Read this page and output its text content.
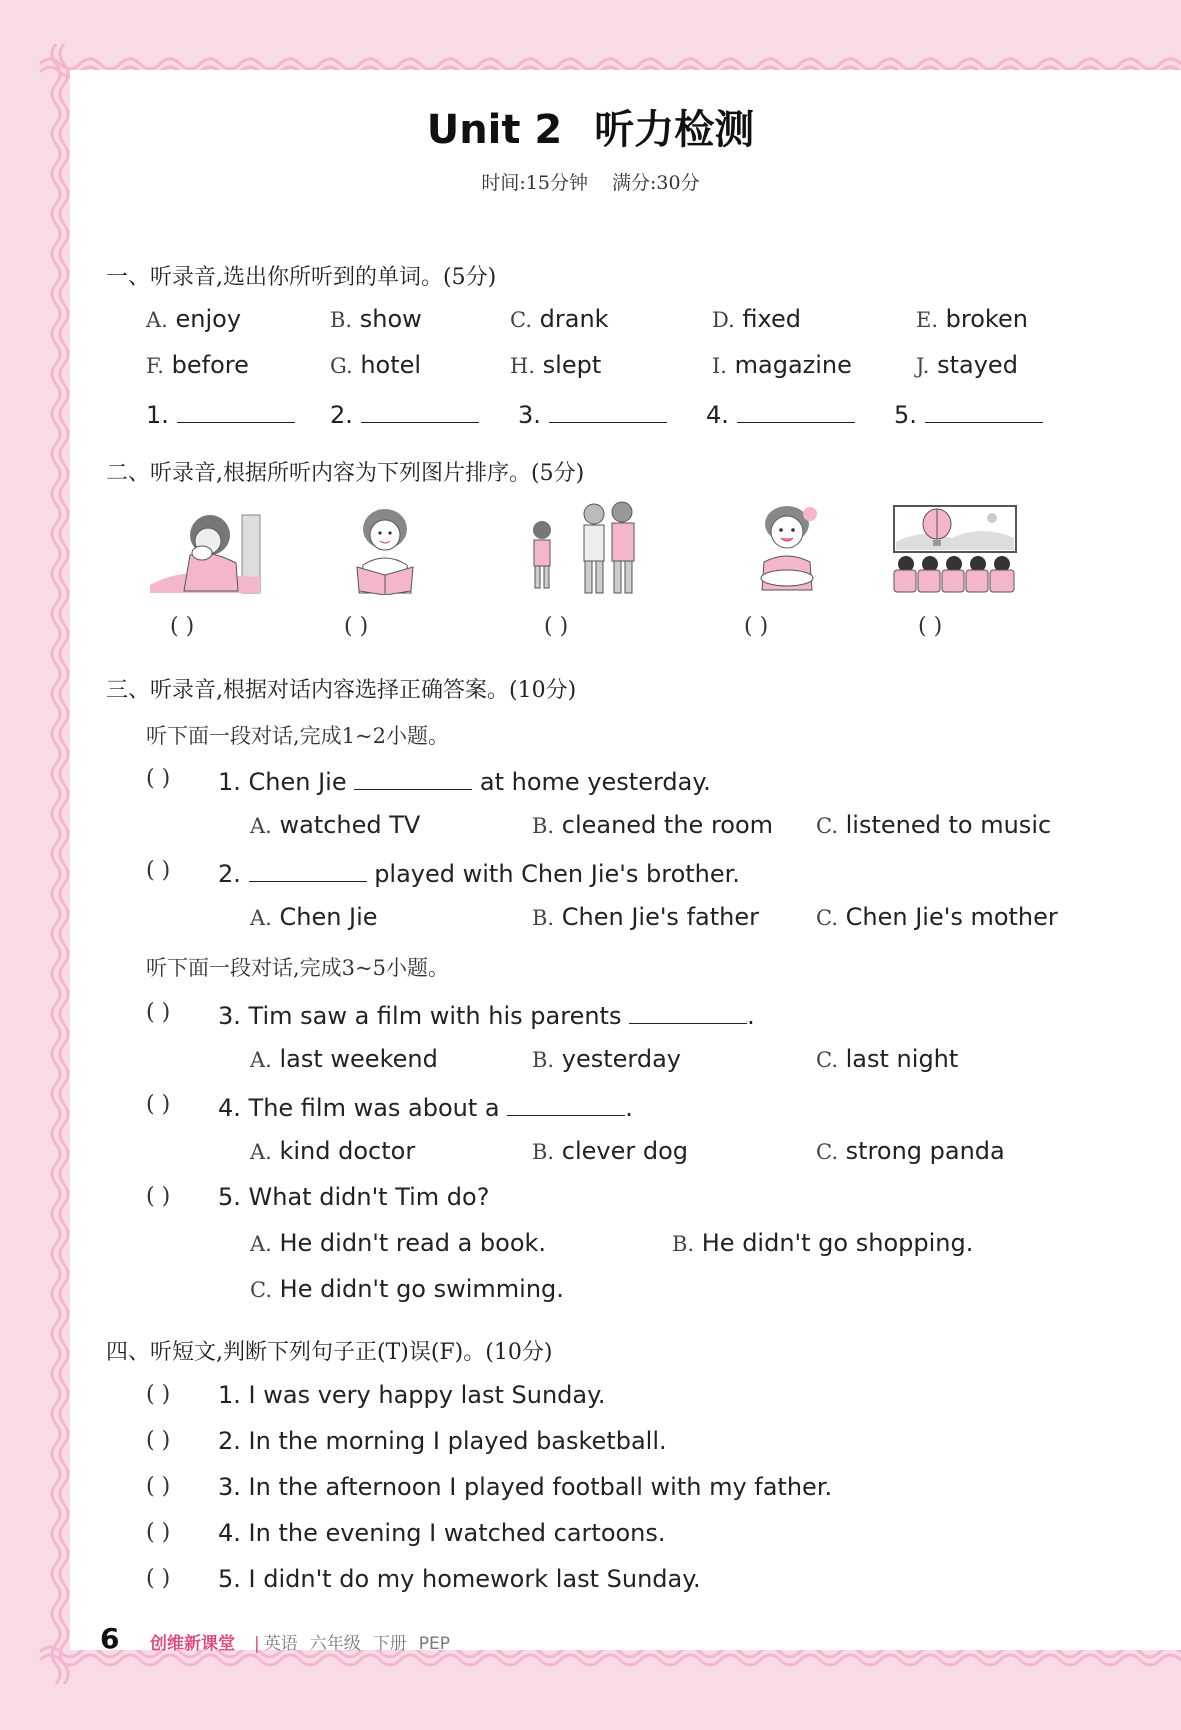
Unit 2 听力检测
时间:15分钟 满分:30分
一、听录音,选出你所听到的单词。(5分)
A. enjoy	B. show	C. drank	D. fixed	E. broken
F. before	G. hotel	H. slept	I. magazine	J. stayed
1.	2.	3.	4.	5.
二、听录音,根据所听内容为下列图片排序。(5分)
( )	( )	( )	( )	( )
三、听录音,根据对话内容选择正确答案。(10分)
听下面一段对话,完成1~2小题。
( ) 1. Chen Jie	at home yesterday.
A. watched TV	B. cleaned the room C. listened to music
( ) 2.	played with Chen Jie's brother.
A. Chen Jie	B. Chen Jie's father	C. Chen Jie's mother
听下面一段对话,完成3~5小题。
( ) 3. Tim saw a film with his parents	.
A. last weekend	B. yesterday	C. last night
( ) 4. The film was about a	.
A. kind doctor	B. clever dog	C. strong panda
( ) 5. What didn't Tim do?
A. He didn't read a book.	B. He didn't go shopping.
C. He didn't go swimming.
四、听短文,判断下列句子正(T)误(F)。(10分)
( ) 1. I was very happy last Sunday.
( ) 2. In the morning I played basketball.
( ) 3. In the afternoon I played football with my father.
( ) 4. In the evening I watched cartoons.
( ) 5. I didn't do my homework last Sunday.
6 创维新课堂 | 英语 六年级 下册 PEP
